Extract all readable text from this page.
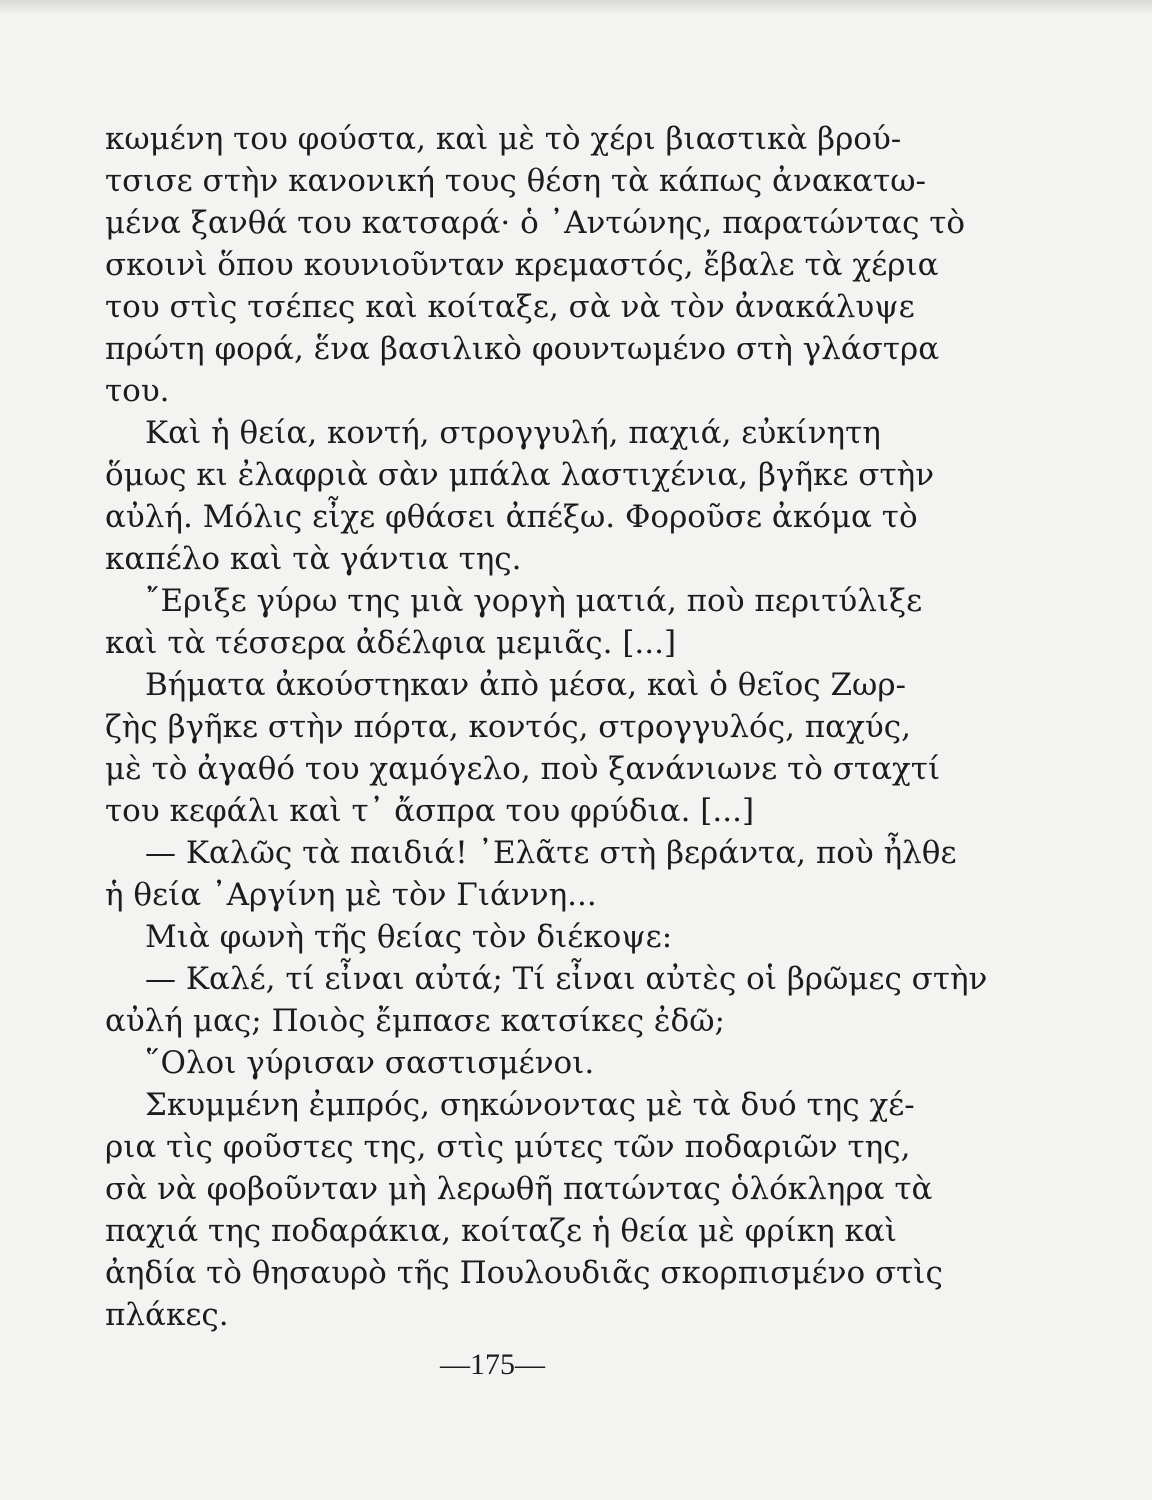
κωμένη του φούστα, καὶ μὲ τὸ χέρι βιαστικὰ βρού-
τσισε στὴν κανονική τους θέση τὰ κάπως ἀνακατω-
μένα ξανθά του κατσαρά· ὁ ᾿Αντώνης, παρατώντας τὸ
σκοινὶ ὅπου κουνιοῦνταν κρεμαστός, ἔβαλε τὰ χέρια
του στὶς τσέπες καὶ κοίταξε, σὰ νὰ τὸν ἀνακάλυψε
πρώτη φορά, ἕνα βασιλικὸ φουντωμένο στὴ γλάστρα
του.
Καὶ ἡ θεία, κοντή, στρογγυλή, παχιά, εὐκίνητη
ὅμως κι ἐλαφριὰ σὰν μπάλα λαστιχένια, βγῆκε στὴν
αὐλή. Μόλις εἶχε φθάσει ἀπέξω. Φοροῦσε ἀκόμα τὸ
καπέλο καὶ τὰ γάντια της.
῎Εριξε γύρω της μιὰ γοργὴ ματιά, ποὺ περιτύλιξε
καὶ τὰ τέσσερα ἀδέλφια μεμιᾶς. [...]
Βήματα ἀκούστηκαν ἀπὸ μέσα, καὶ ὁ θεῖος Ζωρ-
ζὴς βγῆκε στὴν πόρτα, κοντός, στρογγυλός, παχύς,
μὲ τὸ ἀγαθό του χαμόγελο, ποὺ ξανάνιωνε τὸ σταχτί
του κεφάλι καὶ τ᾿ ἄσπρα του φρύδια. [...]
— Καλῶς τὰ παιδιά! ᾿Ελᾶτε στὴ βεράντα, ποὺ ἦλθε
ἡ θεία ᾿Αργίνη μὲ τὸν Γιάννη...
Μιὰ φωνὴ τῆς θείας τὸν διέκοψε:
— Καλέ, τί εἶναι αὐτά; Τί εἶναι αὐτὲς οἱ βρῶμες στὴν
αὐλή μας; Ποιὸς ἔμπασε κατσίκες ἐδῶ;
῞Ολοι γύρισαν σαστισμένοι.
Σκυμμένη ἐμπρός, σηκώνοντας μὲ τὰ δυό της χέ-
ρια τὶς φοῦστες της, στὶς μύτες τῶν ποδαριῶν της,
σὰ νὰ φοβοῦνταν μὴ λερωθῆ πατώντας ὁλόκληρα τὰ
παχιά της ποδαράκια, κοίταζε ἡ θεία μὲ φρίκη καὶ
ἀηδία τὸ θησαυρὸ τῆς Πουλουδιᾶς σκορπισμένο στὶς
πλάκες.
—175—
